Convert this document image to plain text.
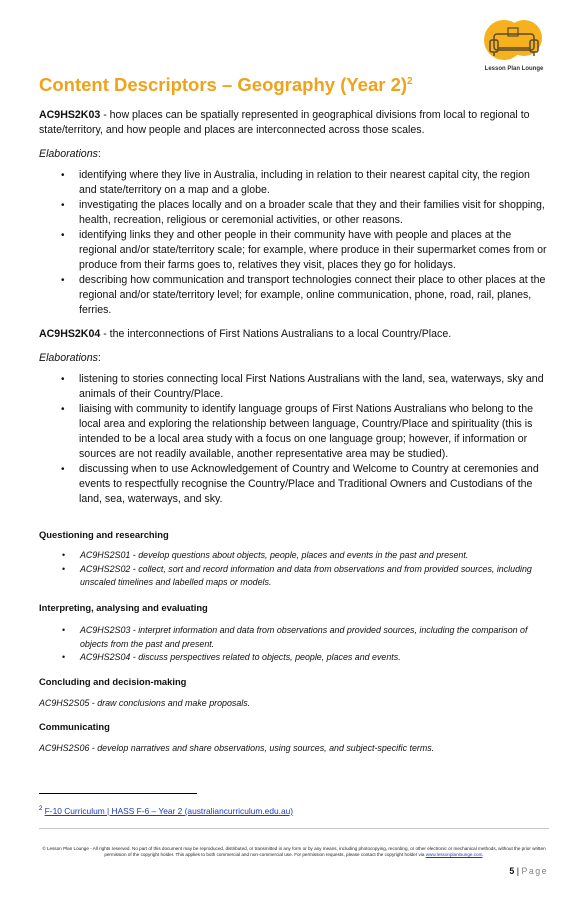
Lesson Plan Lounge
Content Descriptors – Geography (Year 2)$^2$

AC9HS2K03 - how places can be spatially represented in geographical divisions from local to regional to state/territory, and how people and places are interconnected across those scales.

Elaborations:

• identifying where they live in Australia, including in relation to their nearest capital city, the region and state/territory on a map and a globe.
• investigating the places locally and on a broader scale that they and their families visit for shopping, health, recreation, religious or ceremonial activities, or other reasons.
• identifying links they and other people in their community have with people and places at the regional and/or state/territory scale; for example, where produce in their supermarket comes from or produce from their farms goes to, relatives they visit, places they go for holidays.
• describing how communication and transport technologies connect their place to other places at the regional and/or state/territory level; for example, online communication, phone, road, rail, planes, ferries.

AC9HS2K04 - the interconnections of First Nations Australians to a local Country/Place.

Elaborations:

• listening to stories connecting local First Nations Australians with the land, sea, waterways, sky and animals of their Country/Place.
• liaising with community to identify language groups of First Nations Australians who belong to the local area and exploring the relationship between language, Country/Place and spirituality (this is intended to be a local area study with a focus on one language group; however, if information or sources are not readily available, another representative area may be studied).
• discussing when to use Acknowledgement of Country and Welcome to Country at ceremonies and events to respectfully recognise the Country/Place and Traditional Owners and Custodians of the land, sea, waterways, and sky.

Questioning and researching

• AC9HS2S01 - develop questions about objects, people, places and events in the past and present.
• AC9HS2S02 - collect, sort and record information and data from observations and from provided sources, including unscaled timelines and labelled maps or models.

Interpreting, analysing and evaluating

• AC9HS2S03 - interpret information and data from observations and provided sources, including the comparison of objects from the past and present.
• AC9HS2S04 - discuss perspectives related to objects, people, places and events.

Concluding and decision-making

AC9HS2S05 - draw conclusions and make proposals.

Communicating

AC9HS2S06 - develop narratives and share observations, using sources, and subject-specific terms.

$^2$ F-10 Curriculum | HASS F-6 – Year 2 (australiancurriculum.edu.au)
© Lesson Plan Lounge - All rights reserved. No part of this document may be reproduced, distributed, or transmitted in any form or by any means, including photocopying, recording, or other electronic or mechanical methods, without the prior written permission of the copyright holder. This applies to both commercial and non-commercial use. For permission requests, please contact the copyright holder via www.lessonplanlounge.com.
5 | Page
